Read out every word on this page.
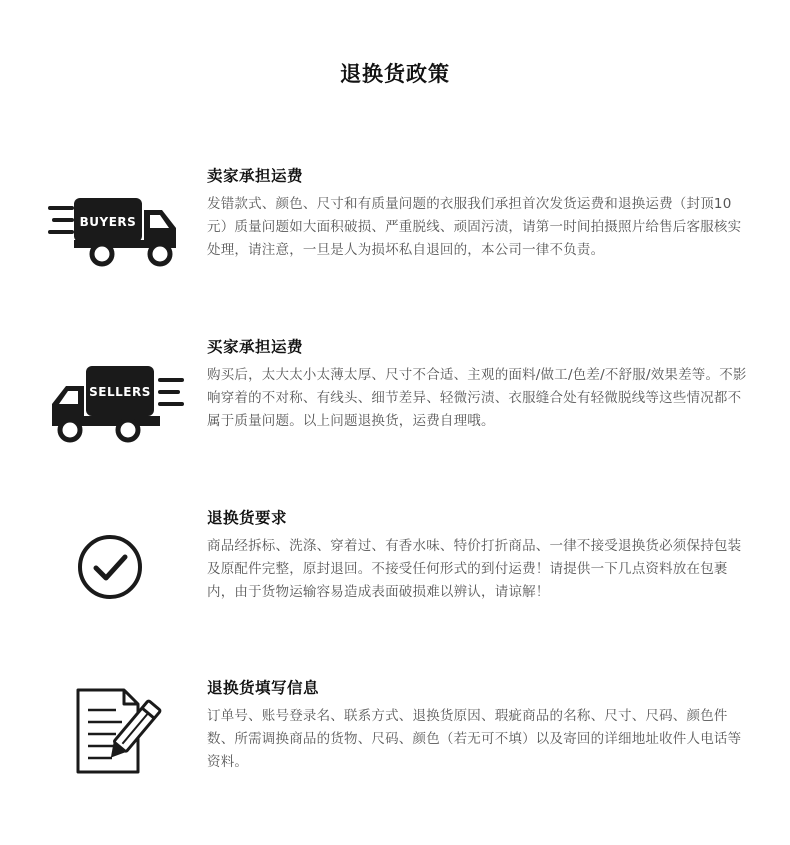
退换货政策
BUYERS
卖家承担运费
发错款式、颜色、尺寸和有质量问题的衣服我们承担首次发货运费和退换运费（封顶10元）质量问题如大面积破损、严重脱线、顽固污渍，请第一时间拍摄照片给售后客服核实处理，请注意，一旦是人为损坏私自退回的，本公司一律不负责。
SELLERS
买家承担运费
购买后，太大太小太薄太厚、尺寸不合适、主观的面料/做工/色差/不舒服/效果差等。不影响穿着的不对称、有线头、细节差异、轻微污渍、衣服缝合处有轻微脱线等这些情况都不属于质量问题。以上问题退换货，运费自理哦。
退换货要求
商品经拆标、洗涤、穿着过、有香水味、特价打折商品、一律不接受退换货必须保持包装及原配件完整，原封退回。不接受任何形式的到付运费！请提供一下几点资料放在包裹内，由于货物运输容易造成表面破损难以辨认，请谅解！
退换货填写信息
订单号、账号登录名、联系方式、退换货原因、瑕疵商品的名称、尺寸、尺码、颜色件数、所需调换商品的货物、尺码、颜色（若无可不填）以及寄回的详细地址收件人电话等资料。
